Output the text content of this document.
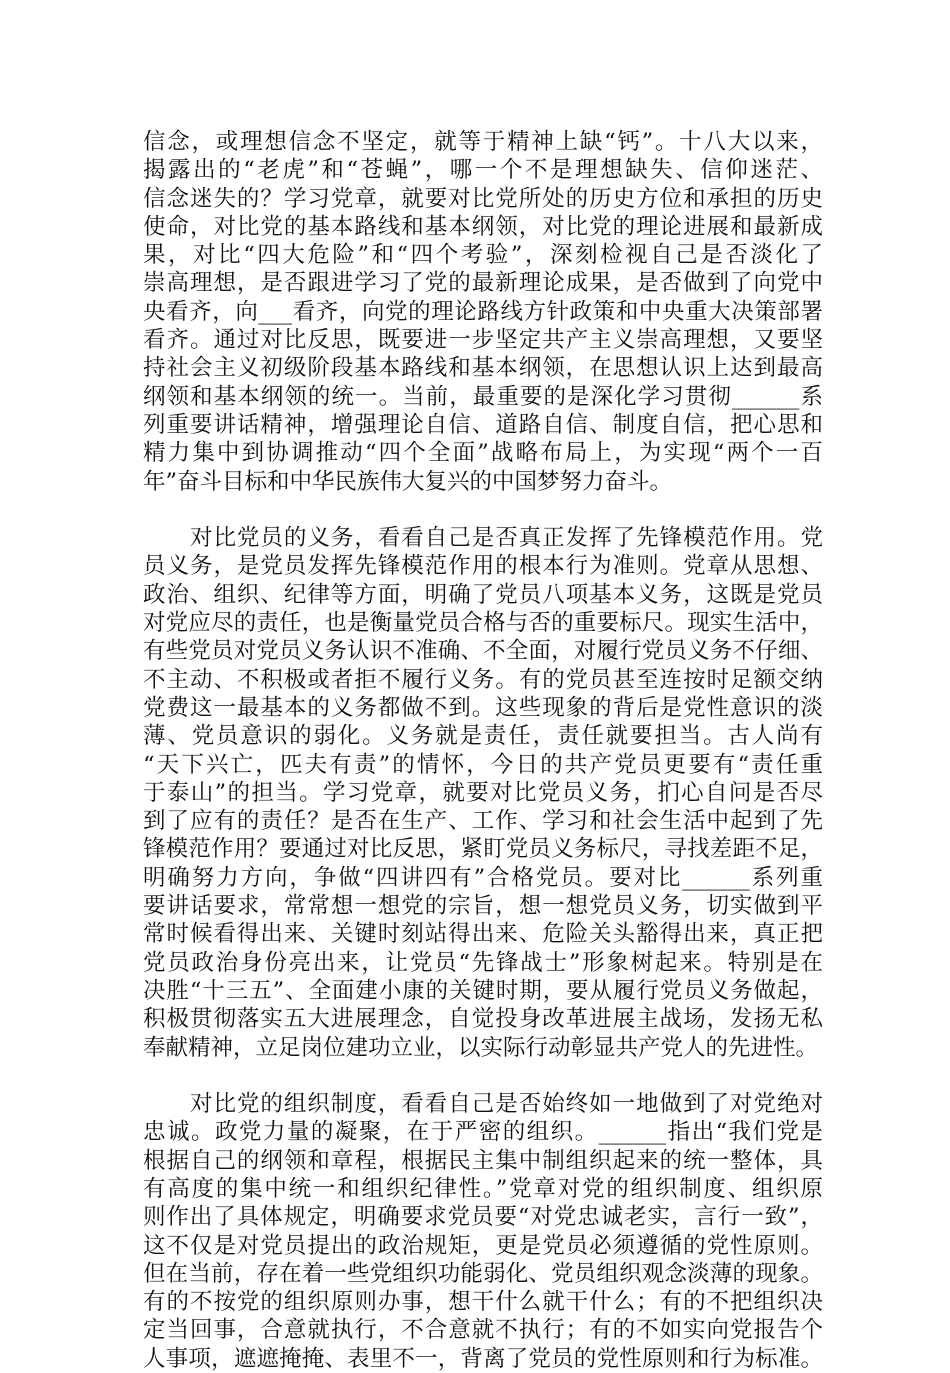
信念，或理想信念不坚定，就等于精神上缺“钙”。十八大以来，
揭露出的“老虎”和“苍蝇”，哪一个不是理想缺失、信仰迷茫、
信念迷失的？学习党章，就要对比党所处的历史方位和承担的历史
使命，对比党的基本路线和基本纲领，对比党的理论进展和最新成
果，对比“四大危险”和“四个考验”，深刻检视自己是否淡化了
崇高理想，是否跟进学习了党的最新理论成果，是否做到了向党中
央看齐，向___看齐，向党的理论路线方针政策和中央重大决策部署
看齐。通过对比反思，既要进一步坚定共产主义崇高理想，又要坚
持社会主义初级阶段基本路线和基本纲领，在思想认识上达到最高
纲领和基本纲领的统一。当前，最重要的是深化学习贯彻______系
列重要讲话精神，增强理论自信、道路自信、制度自信，把心思和
精力集中到协调推动“四个全面”战略布局上，为实现“两个一百
年”奋斗目标和中华民族伟大复兴的中国梦努力奋斗。
　　对比党员的义务，看看自己是否真正发挥了先锋模范作用。党
员义务，是党员发挥先锋模范作用的根本行为准则。党章从思想、
政治、组织、纪律等方面，明确了党员八项基本义务，这既是党员
对党应尽的责任，也是衡量党员合格与否的重要标尺。现实生活中，
有些党员对党员义务认识不准确、不全面，对履行党员义务不仔细、
不主动、不积极或者拒不履行义务。有的党员甚至连按时足额交纳
党费这一最基本的义务都做不到。这些现象的背后是党性意识的淡
薄、党员意识的弱化。义务就是责任，责任就要担当。古人尚有
“天下兴亡，匹夫有责”的情怀，今日的共产党员更要有“责任重
于泰山”的担当。学习党章，就要对比党员义务，扪心自问是否尽
到了应有的责任？是否在生产、工作、学习和社会生活中起到了先
锋模范作用？要通过对比反思，紧盯党员义务标尺，寻找差距不足，
明确努力方向，争做“四讲四有”合格党员。要对比______系列重
要讲话要求，常常想一想党的宗旨，想一想党员义务，切实做到平
常时候看得出来、关键时刻站得出来、危险关头豁得出来，真正把
党员政治身份亮出来，让党员“先锋战士”形象树起来。特别是在
决胜“十三五”、全面建小康的关键时期，要从履行党员义务做起，
积极贯彻落实五大进展理念，自觉投身改革进展主战场，发扬无私
奉献精神，立足岗位建功立业，以实际行动彰显共产党人的先进性。
　　对比党的组织制度，看看自己是否始终如一地做到了对党绝对
忠诚。政党力量的凝聚，在于严密的组织。______指出“我们党是
根据自己的纲领和章程，根据民主集中制组织起来的统一整体，具
有高度的集中统一和组织纪律性。”党章对党的组织制度、组织原
则作出了具体规定，明确要求党员要“对党忠诚老实，言行一致”，
这不仅是对党员提出的政治规矩，更是党员必须遵循的党性原则。
但在当前，存在着一些党组织功能弱化、党员组织观念淡薄的现象。
有的不按党的组织原则办事，想干什么就干什么；有的不把组织决
定当回事，合意就执行，不合意就不执行；有的不如实向党报告个
人事项，遮遮掩掩、表里不一，背离了党员的党性原则和行为标准。
